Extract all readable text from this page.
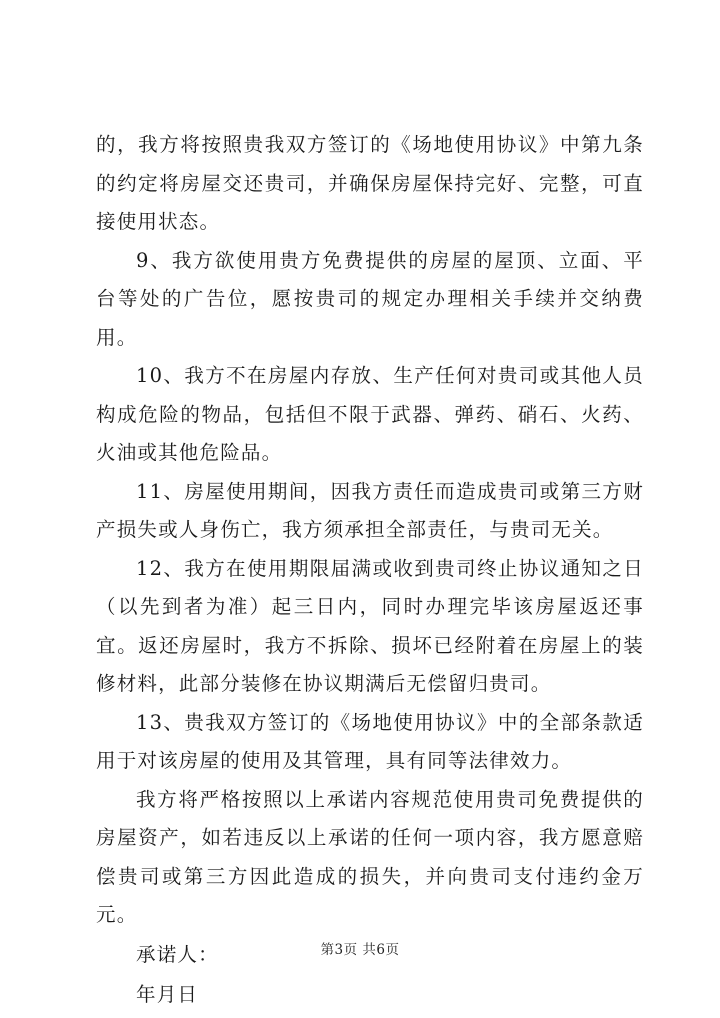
的，我方将按照贵我双方签订的《场地使用协议》中第九条的约定将房屋交还贵司，并确保房屋保持完好、完整，可直接使用状态。

9、我方欲使用贵方免费提供的房屋的屋顶、立面、平台等处的广告位，愿按贵司的规定办理相关手续并交纳费用。

10、我方不在房屋内存放、生产任何对贵司或其他人员构成危险的物品，包括但不限于武器、弹药、硝石、火药、火油或其他危险品。

11、房屋使用期间，因我方责任而造成贵司或第三方财产损失或人身伤亡，我方须承担全部责任，与贵司无关。

12、我方在使用期限届满或收到贵司终止协议通知之日（以先到者为准）起三日内，同时办理完毕该房屋返还事宜。返还房屋时，我方不拆除、损坏已经附着在房屋上的装修材料，此部分装修在协议期满后无偿留归贵司。

13、贵我双方签订的《场地使用协议》中的全部条款适用于对该房屋的使用及其管理，具有同等法律效力。

我方将严格按照以上承诺内容规范使用贵司免费提供的房屋资产，如若违反以上承诺的任何一项内容，我方愿意赔偿贵司或第三方因此造成的损失，并向贵司支付违约金万元。

承诺人：

年月日

第3页 共6页
